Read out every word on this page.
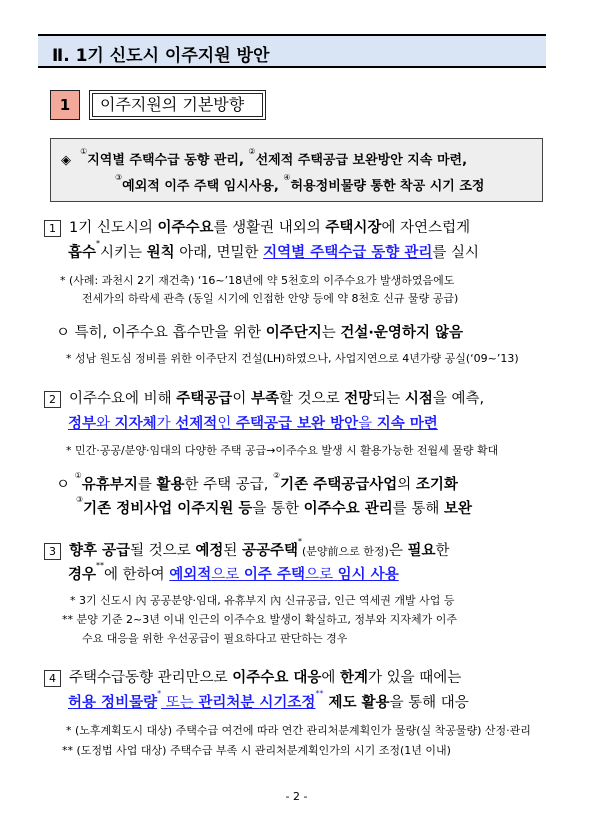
Ⅱ. 1기 신도시 이주지원 방안
1	이주지원의 기본방향
◈  ①지역별 주택수급 동향 관리, ②선제적 주택공급 보완방안 지속 마련,
③예외적 이주 주택 임시사용, ④허용정비물량 통한 착공 시기 조정
1 1기 신도시의 이주수요를 생활권 내외의 주택시장에 자연스럽게
흡수*시키는 원칙 아래, 면밀한 지역별 주택수급 동향 관리를 실시
* (사례: 과천시 2기 재건축) ‘16~’18년에 약 5천호의 이주수요가 발생하였음에도
전세가의 하락세 관측 (동일 시기에 인접한 안양 등에 약 8천호 신규 물량 공급)
ㅇ 특히, 이주수요 흡수만을 위한 이주단지는 건설·운영하지 않음
* 성남 원도심 정비를 위한 이주단지 건설(LH)하였으나, 사업지연으로 4년가량 공실(‘09~’13)
2 이주수요에 비해 주택공급이 부족할 것으로 전망되는 시점을 예측,
정부와 지자체가 선제적인 주택공급 보완 방안을 지속 마련
* 민간·공공/분양·임대의 다양한 주택 공급→이주수요 발생 시 활용가능한 전월세 물량 확대
ㅇ ①유휴부지를 활용한 주택 공급, ②기존 주택공급사업의 조기화
③기존 정비사업 이주지원 등을 통한 이주수요 관리를 통해 보완
3 향후 공급될 것으로 예정된 공공주택*(분양前으로 한정)은 필요한
경우**에 한하여 예외적으로 이주 주택으로 임시 사용
* 3기 신도시 內 공공분양·임대, 유휴부지 內 신규공급, 인근 역세권 개발 사업 등
** 분양 기준 2~3년 이내 인근의 이주수요 발생이 확실하고, 정부와 지자체가 이주
수요 대응을 위한 우선공급이 필요하다고 판단하는 경우
4 주택수급동향 관리만으로 이주수요 대응에 한계가 있을 때에는
허용 정비물량* 또는 관리처분 시기조정** 제도 활용을 통해 대응
* (노후계획도시 대상) 주택수급 여건에 따라 연간 관리처분계획인가 물량(실 착공물량) 산정·관리
** (도정법 사업 대상) 주택수급 부족 시 관리처분계획인가의 시기 조정(1년 이내)
- 2 -
